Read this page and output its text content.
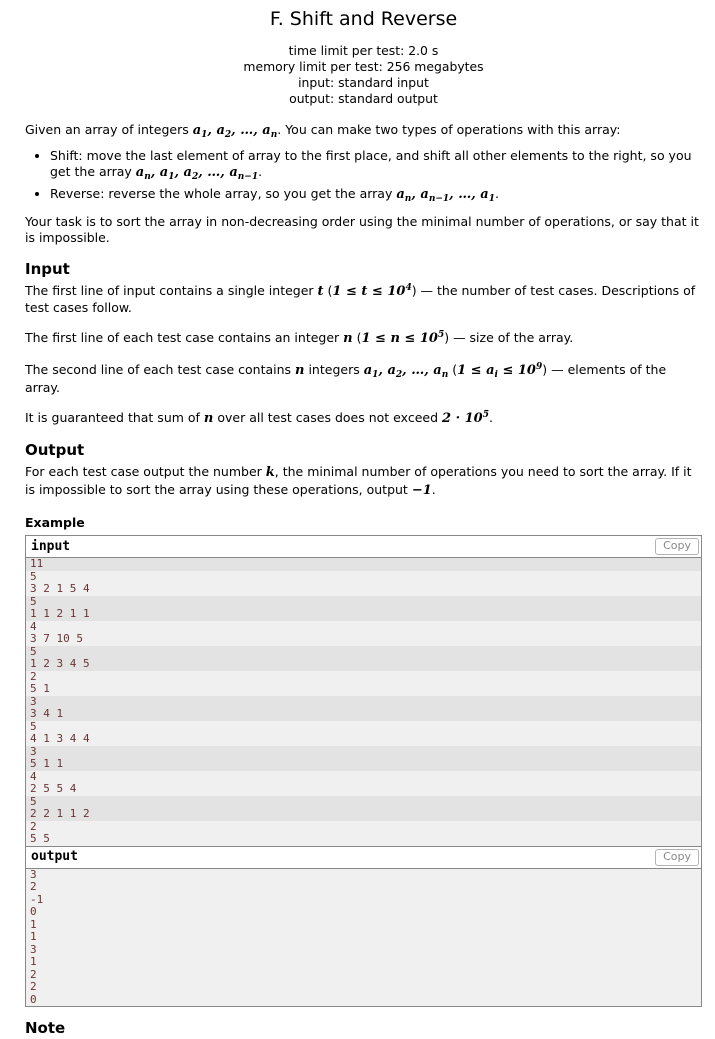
F. Shift and Reverse
time limit per test: 2.0 s
memory limit per test: 256 megabytes
input: standard input
output: standard output

Given an array of integers $a_1$, $a_2$, …, $a_n$. You can make two types of operations with this array:

• Shift: move the last element of array to the first place, and shift all other elements to the right, so you get the array $a_n$, $a_1$, $a_2$, …, $a_{n-1}$.
• Reverse: reverse the whole array, so you get the array $a_n$, $a_{n-1}$, …, $a_1$.

Your task is to sort the array in non-decreasing order using the minimal number of operations, or say that it is impossible.

Input

The first line of input contains a single integer t $(1 \le t \le 10^4)$ — the number of test cases. Descriptions of test cases follow.

The first line of each test case contains an integer n $(1 \le n \le 10^5)$ — size of the array.

The second line of each test case contains n integers $a_1$, $a_2$, …, $a_n$ $(1 \le a_i \le 10^9)$ — elements of the array.

It is guaranteed that sum of n over all test cases does not exceed $2 \cdot 10^5$.

Output

For each test case output the number k, the minimal number of operations you need to sort the array. If it is impossible to sort the array using these operations, output −1.

Example
input	Copy
11
5
3 2 1 5 4
5
1 1 2 1 1
4
3 7 10 5
5
1 2 3 4 5
2
5 1
3
3 4 1
5
4 1 3 4 4
3
5 1 1
4
2 5 5 4
5
2 2 1 1 2
2
5 5
output	Copy
3
2
-1
0
1
1
3
1
2
2
0
Note
